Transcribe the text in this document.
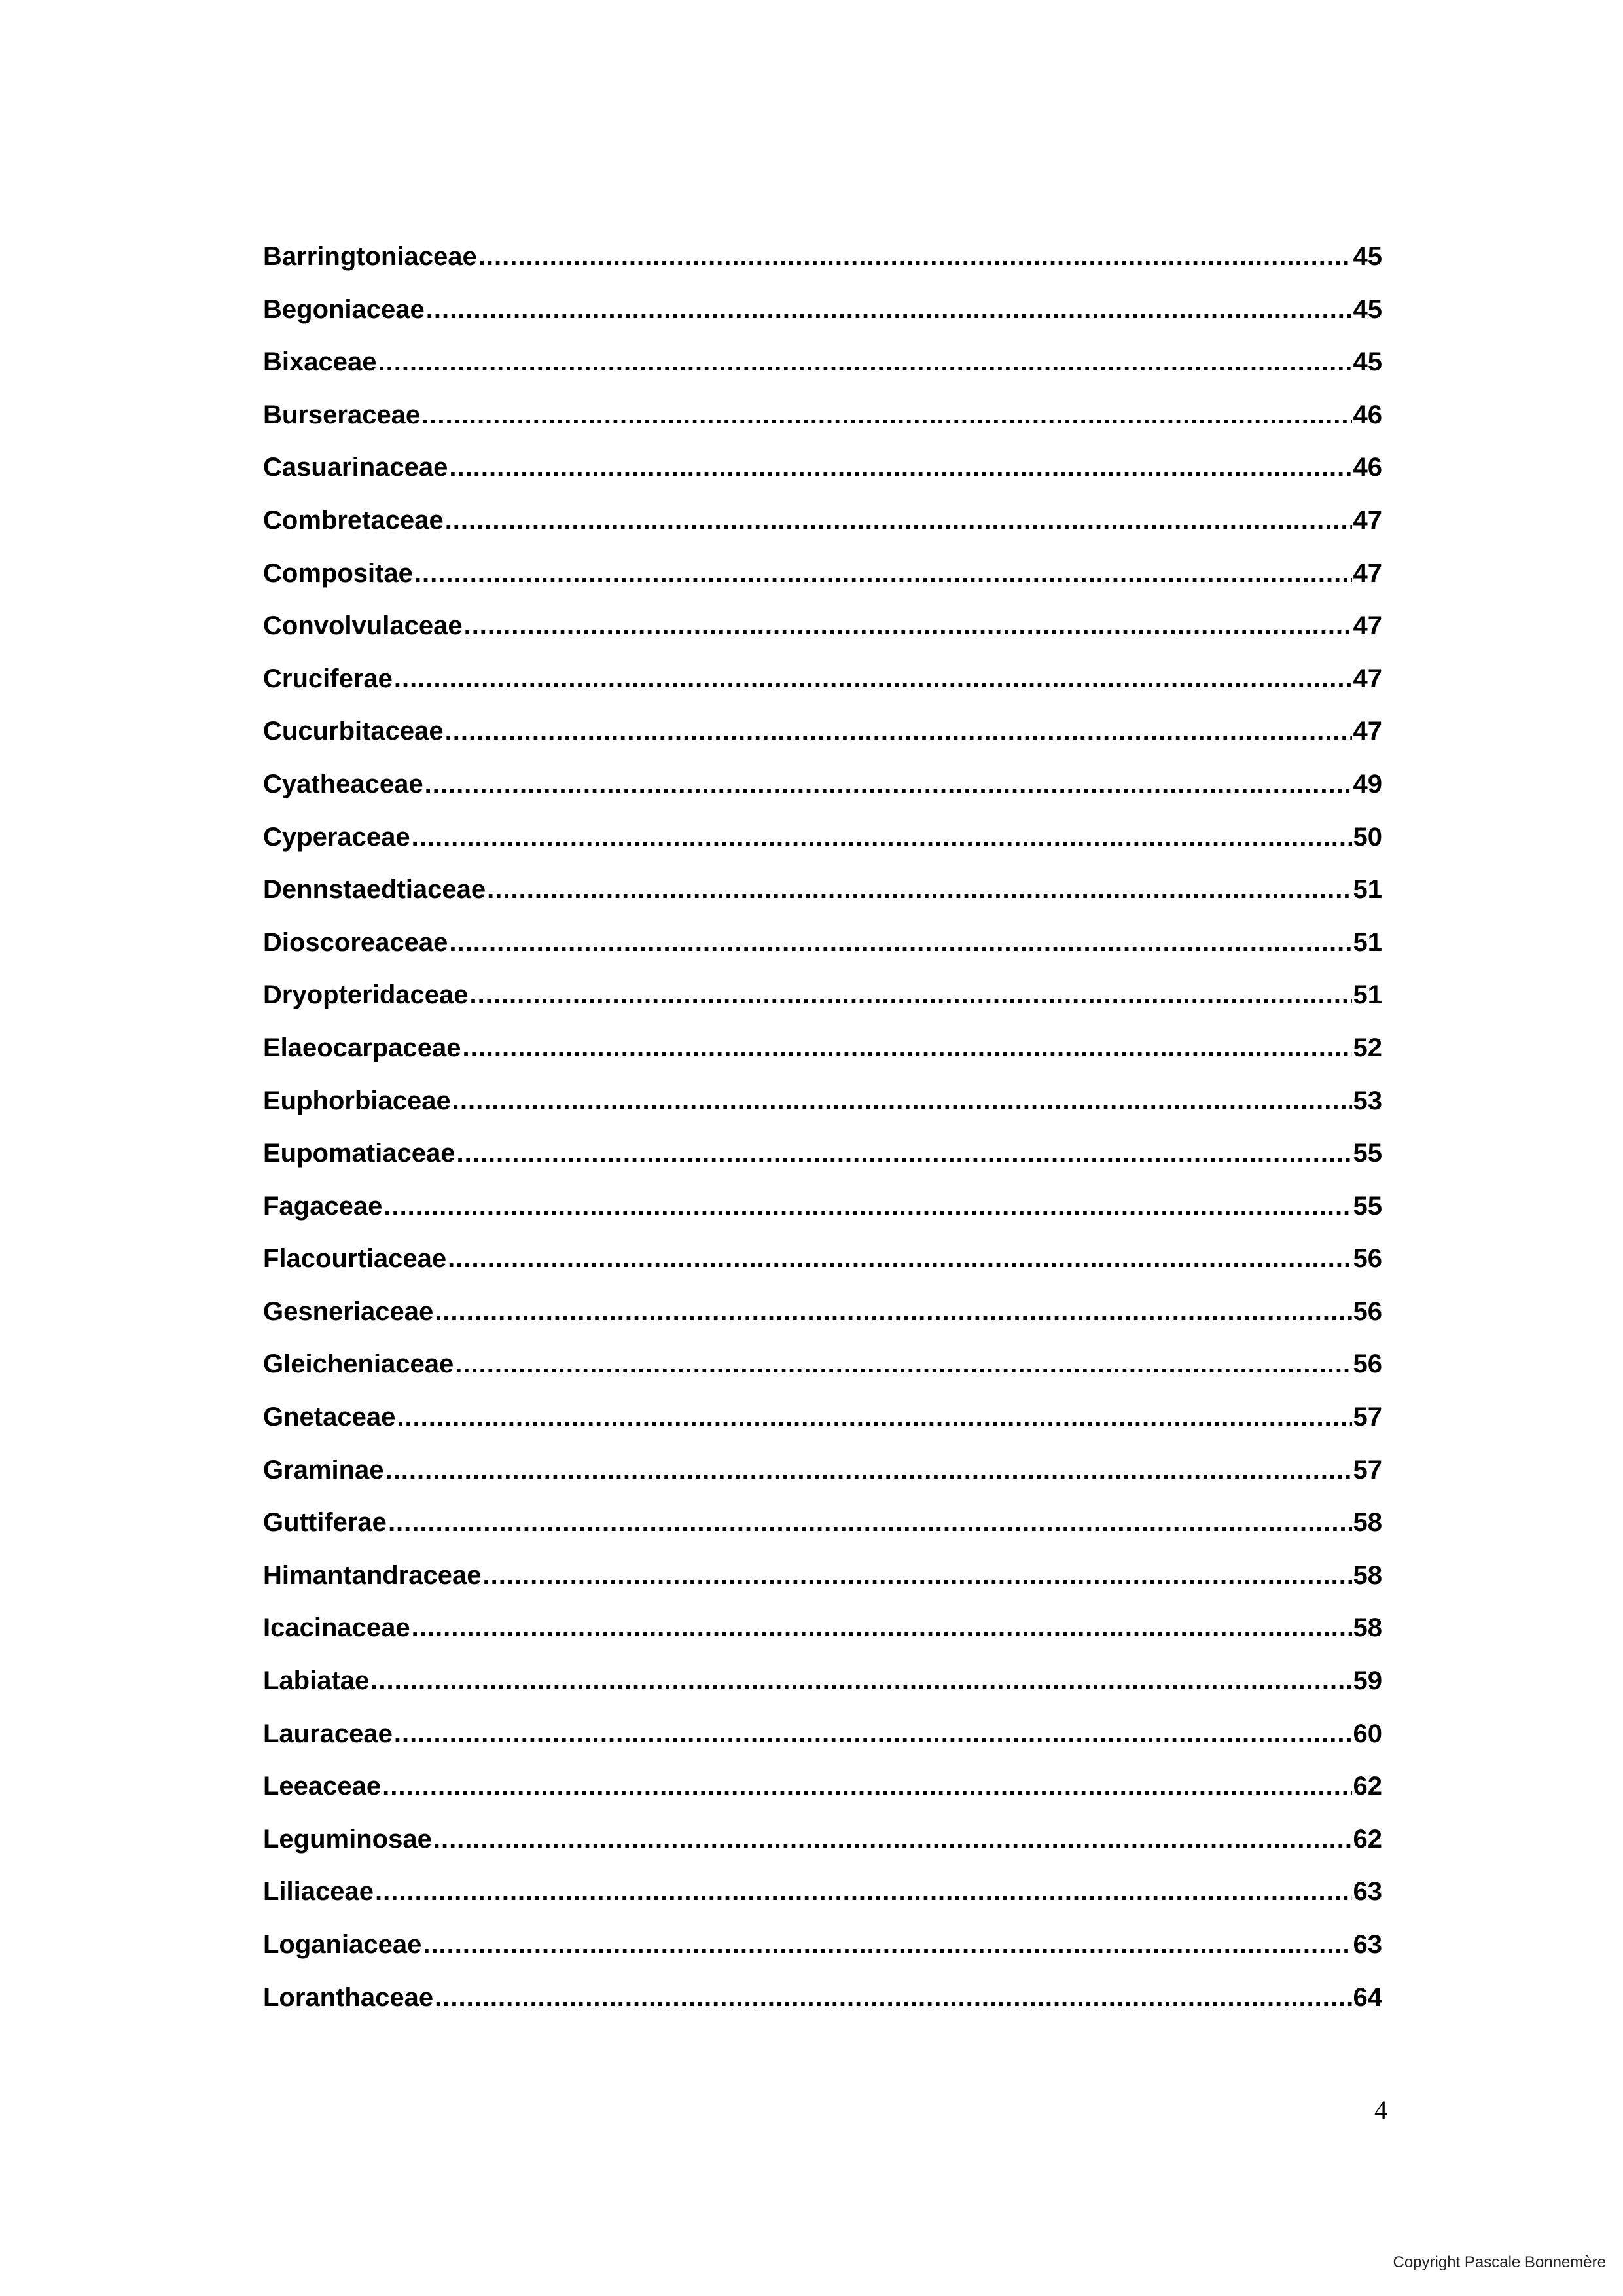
Barringtoniaceae .....	45
Begoniaceae .....	45
Bixaceae .....	45
Burseraceae .....	46
Casuarinaceae .....	46
Combretaceae .....	47
Compositae .....	47
Convolvulaceae .....	47
Cruciferae .....	47
Cucurbitaceae .....	47
Cyatheaceae .....	49
Cyperaceae .....	50
Dennstaedtiaceae .....	51
Dioscoreaceae .....	51
Dryopteridaceae .....	51
Elaeocarpaceae .....	52
Euphorbiaceae .....	53
Eupomatiaceae .....	55
Fagaceae .....	55
Flacourtiaceae .....	56
Gesneriaceae .....	56
Gleicheniaceae .....	56
Gnetaceae .....	57
Graminae .....	57
Guttiferae .....	58
Himantandraceae .....	58
Icacinaceae .....	58
Labiatae .....	59
Lauraceae .....	60
Leeaceae .....	62
Leguminosae .....	62
Liliaceae .....	63
Loganiaceae .....	63
Loranthaceae .....	64
4
Copyright Pascale Bonnemère
